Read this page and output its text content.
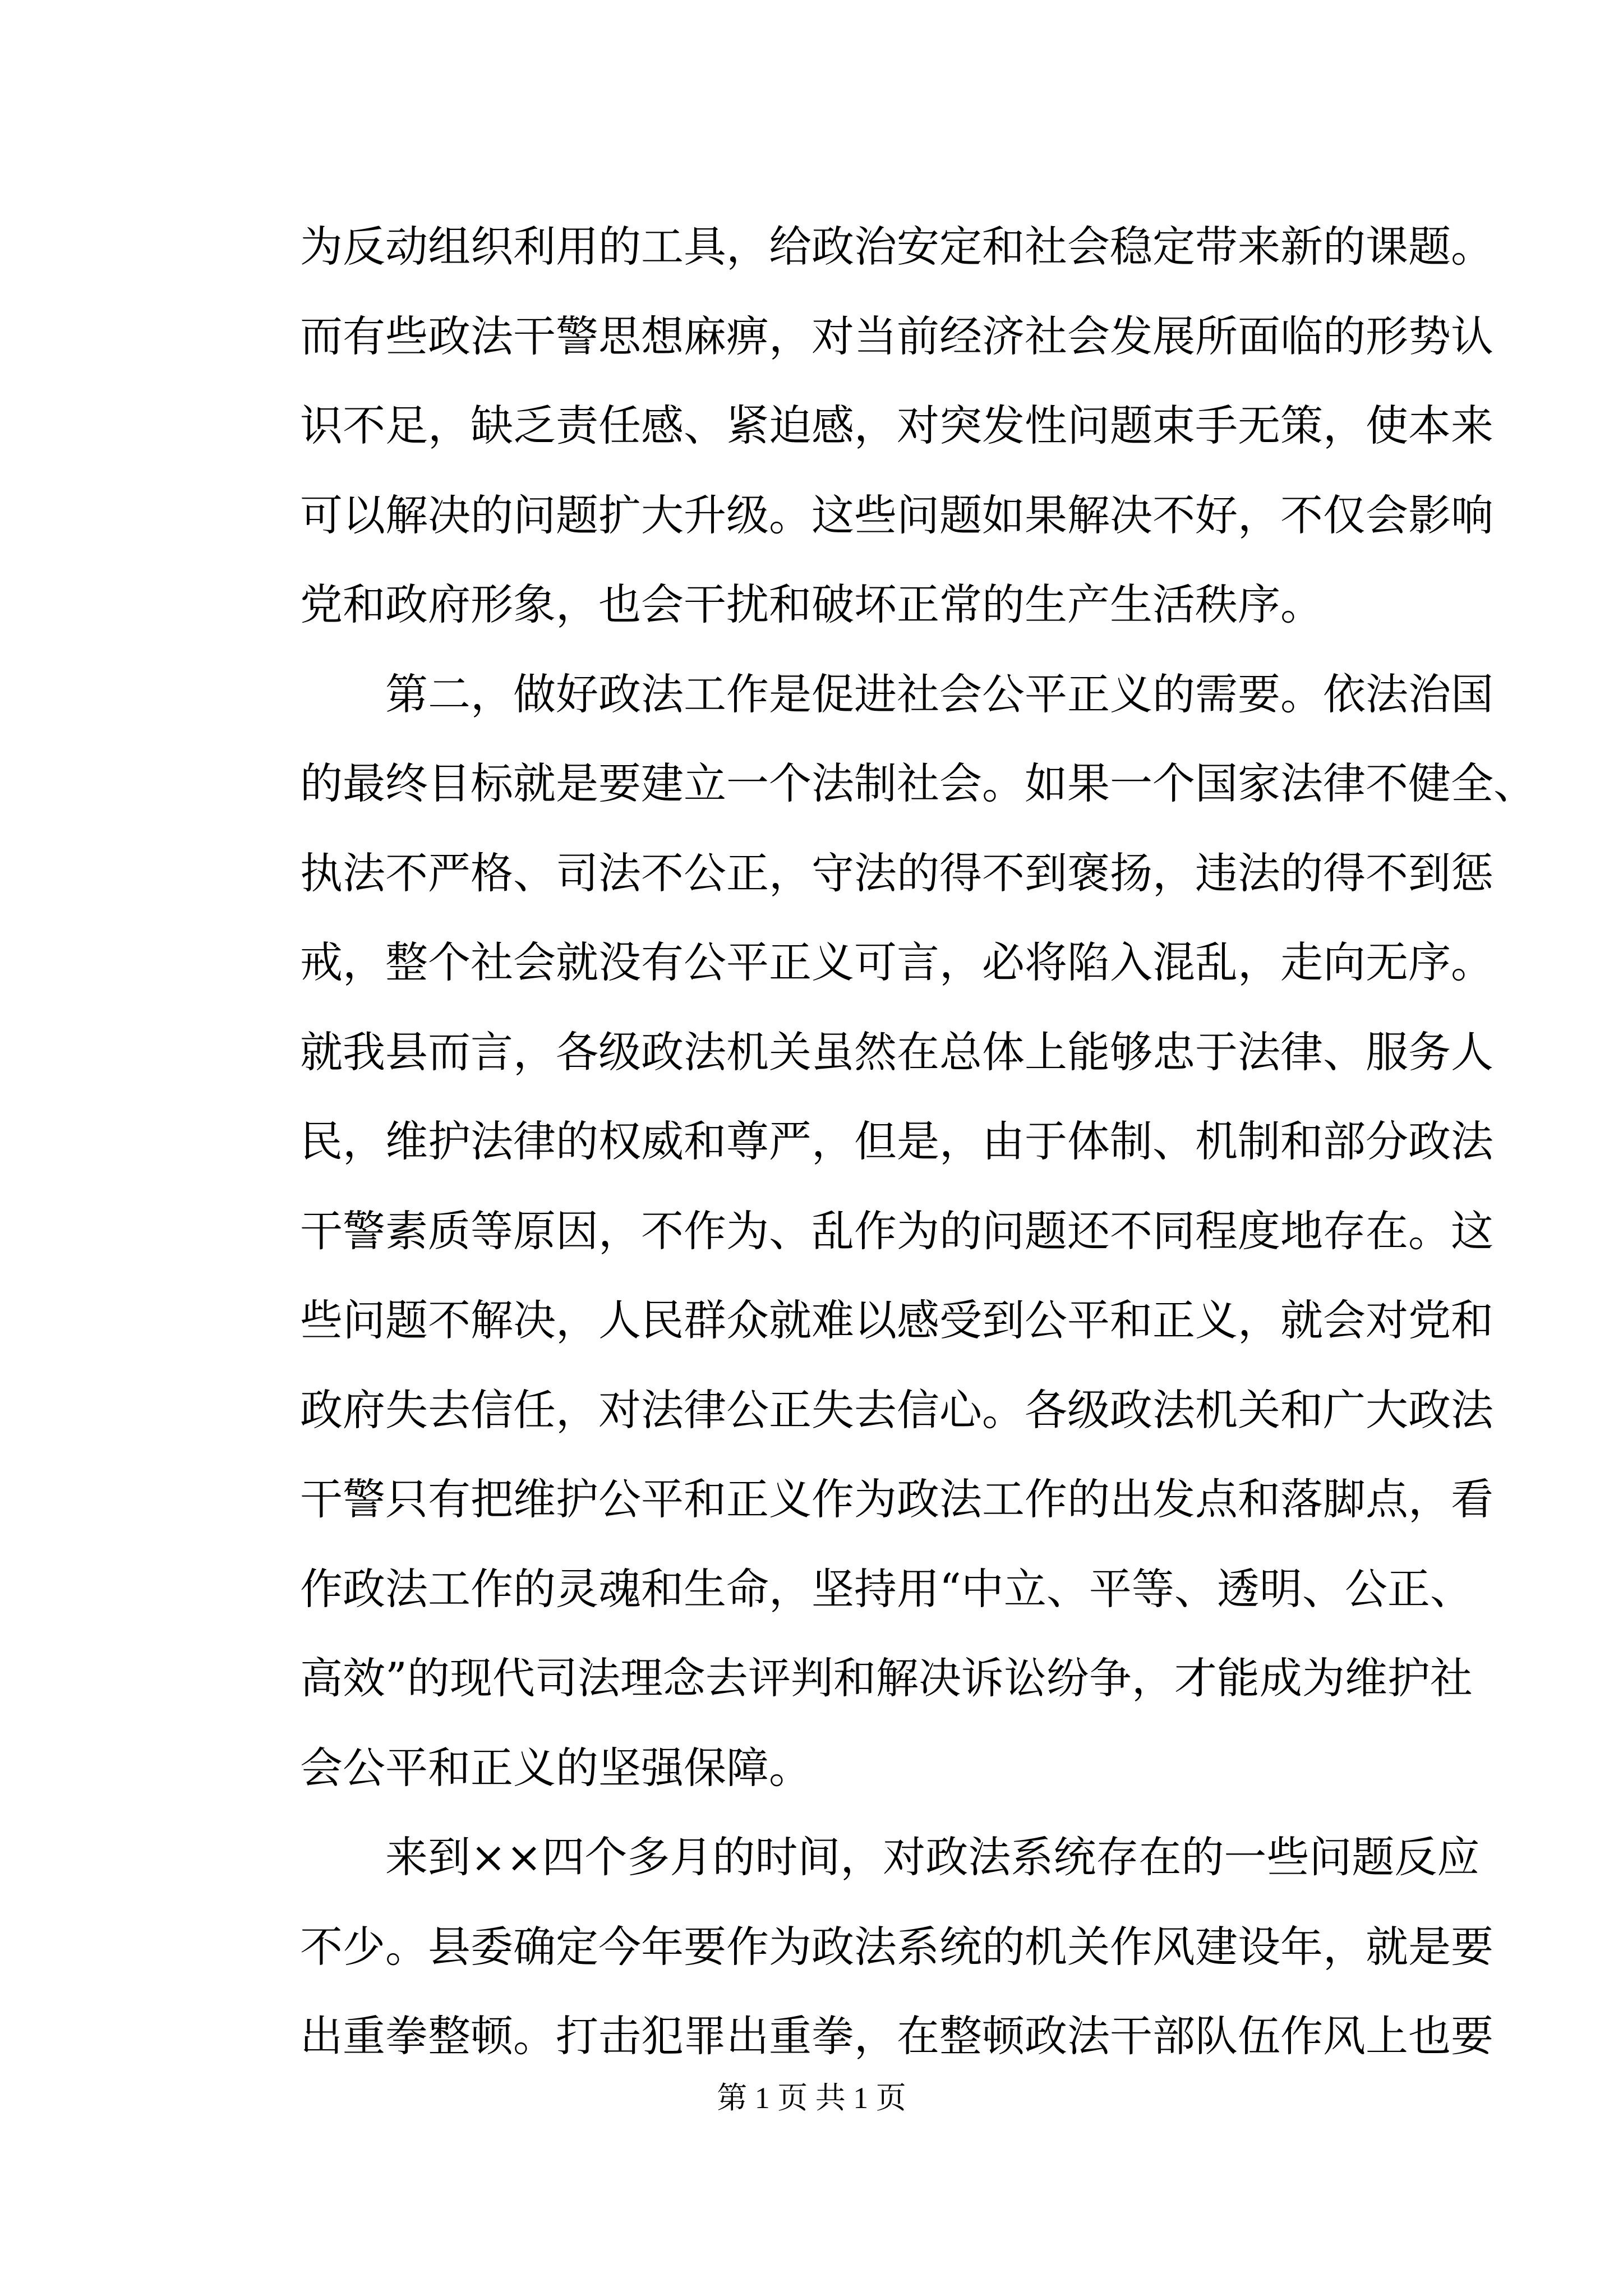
为反动组织利用的工具，给政治安定和社会稳定带来新的课题。
而有些政法干警思想麻痹，对当前经济社会发展所面临的形势认
识不足，缺乏责任感、紧迫感，对突发性问题束手无策，使本来
可以解决的问题扩大升级。这些问题如果解决不好，不仅会影响
党和政府形象，也会干扰和破坏正常的生产生活秩序。
第二，做好政法工作是促进社会公平正义的需要。依法治国
的最终目标就是要建立一个法制社会。如果一个国家法律不健全、
执法不严格、司法不公正，守法的得不到褒扬，违法的得不到惩
戒，整个社会就没有公平正义可言，必将陷入混乱，走向无序。
就我县而言，各级政法机关虽然在总体上能够忠于法律、服务人
民，维护法律的权威和尊严，但是，由于体制、机制和部分政法
干警素质等原因，不作为、乱作为的问题还不同程度地存在。这
些问题不解决，人民群众就难以感受到公平和正义，就会对党和
政府失去信任，对法律公正失去信心。各级政法机关和广大政法
干警只有把维护公平和正义作为政法工作的出发点和落脚点，看
作政法工作的灵魂和生命，坚持用“中立、平等、透明、公正、
高效”的现代司法理念去评判和解决诉讼纷争，才能成为维护社
会公平和正义的坚强保障。
来到××四个多月的时间，对政法系统存在的一些问题反应
不少。县委确定今年要作为政法系统的机关作风建设年，就是要
出重拳整顿。打击犯罪出重拳，在整顿政法干部队伍作风上也要
第 1 页 共 1 页
